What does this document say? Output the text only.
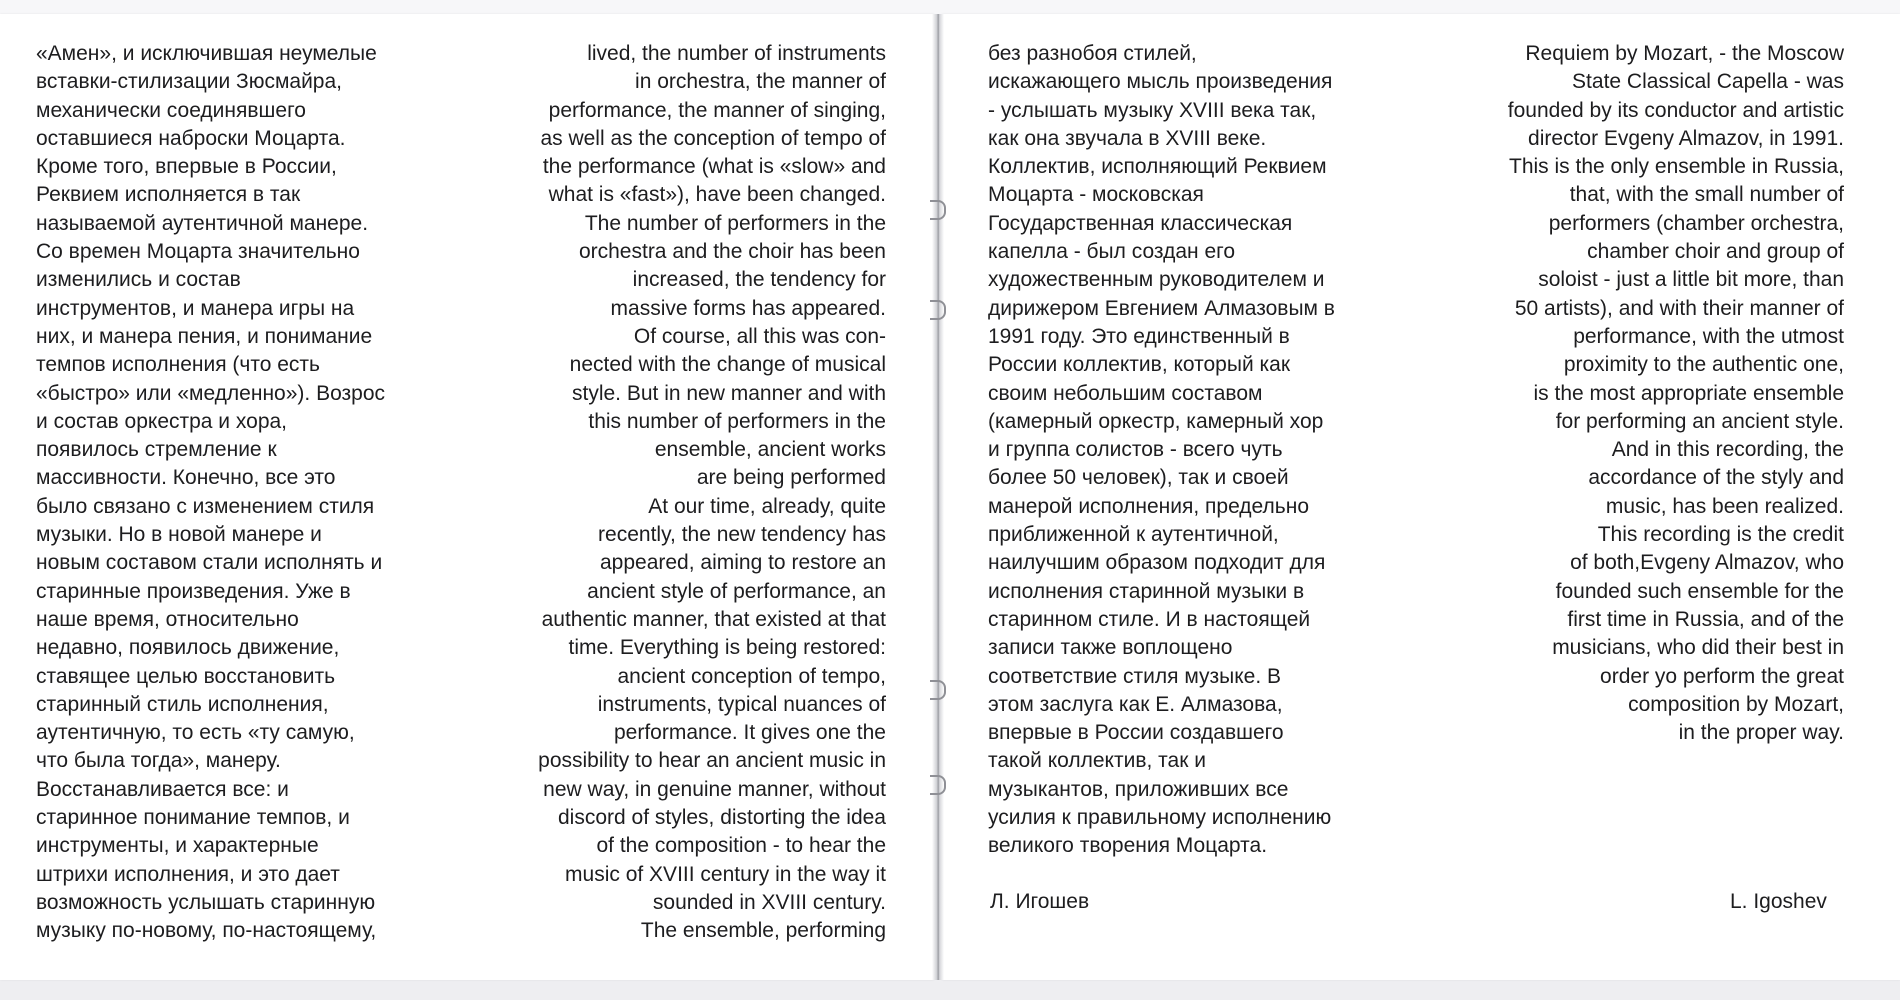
«Амен», и исключившая неумелые
вставки-стилизации Зюсмайра,
механически соединявшего
оставшиеся наброски Моцарта.
Кроме того, впервые в России,
Реквием исполняется в так
называемой аутентичной манере.
Со времен Моцарта значительно
изменились и состав
инструментов, и манера игры на
них, и манера пения, и понимание
темпов исполнения (что есть
«быстро» или «медленно»). Возрос
и состав оркестра и хора,
появилось стремление к
массивности. Конечно, все это
было связано с изменением стиля
музыки. Но в новой манере и
новым составом стали исполнять и
старинные произведения. Уже в
наше время, относительно
недавно, появилось движение,
ставящее целью восстановить
старинный стиль исполнения,
аутентичную, то есть «ту самую,
что была тогда», манеру.
Восстанавливается все: и
старинное понимание темпов, и
инструменты, и характерные
штрихи исполнения, и это дает
возможность услышать старинную
музыку по-новому, по-настоящему,
lived, the number of instruments
in orchestra, the manner of
performance, the manner of singing,
as well as the conception of tempo of
the performance (what is «slow» and
what is «fast»), have been changed.
The number of performers in the
orchestra and the choir has been
increased, the tendency for
massive forms has appeared.
Of course, all this was con-
nected with the change of musical
style. But in new manner and with
this number of performers in the
ensemble, ancient works
are being performed
At our time, already, quite
recently, the new tendency has
appeared, aiming to restore an
ancient style of performance, an
authentic manner, that existed at that
time. Everything is being restored:
ancient conception of tempo,
instruments, typical nuances of
performance. It gives one the
possibility to hear an ancient music in
new way, in genuine manner, without
discord of styles, distorting the idea
of the composition - to hear the
music of XVIII century in the way it
sounded in XVIII century.
The ensemble, performing
без разнобоя стилей,
искажающего мысль произведения
- услышать музыку XVIII века так,
как она звучала в XVIII веке.
Коллектив, исполняющий Реквием
Моцарта - московская
Государственная классическая
капелла - был создан его
художественным руководителем и
дирижером Евгением Алмазовым в
1991 году. Это единственный в
России коллектив, который как
своим небольшим составом
(камерный оркестр, камерный хор
и группа солистов - всего чуть
более 50 человек), так и своей
манерой исполнения, предельно
приближенной к аутентичной,
наилучшим образом подходит для
исполнения старинной музыки в
старинном стиле. И в настоящей
записи также воплощено
соответствие стиля музыке. В
этом заслуга как Е. Алмазова,
впервые в России создавшего
такой коллектив, так и
музыкантов, приложивших все
усилия к правильному исполнению
великого творения Моцарта.
Requiem by Mozart, - the Moscow
State Classical Capella - was
founded by its conductor and artistic
director Evgeny Almazov, in 1991.
This is the only ensemble in Russia,
that, with the small number of
performers (chamber orchestra,
chamber choir and group of
soloist - just a little bit more, than
50 artists), and with their manner of
performance, with the utmost
proximity to the authentic one,
is the most appropriate ensemble
for performing an ancient style.
And in this recording, the
accordance of the styly and
music, has been realized.
This recording is the credit
of both,Evgeny Almazov, who
founded such ensemble for the
first time in Russia, and of the
musicians, who did their best in
order yo perform the great
composition by Mozart,
in the proper way.
Л. Игошев	L. Igoshev
